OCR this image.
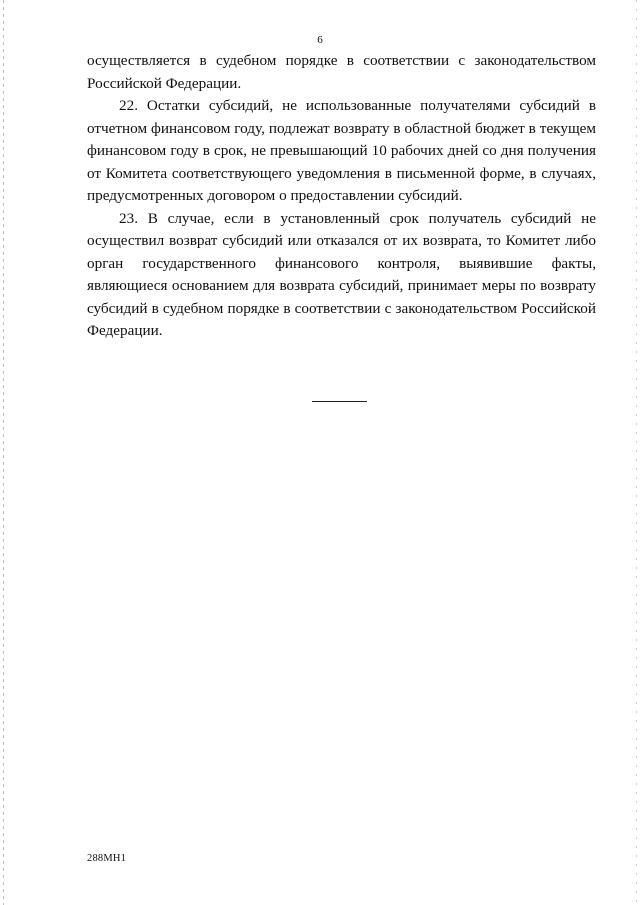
6

осуществляется в судебном порядке в соответствии с законодательством Российской Федерации.

22. Остатки субсидий, не использованные получателями субсидий в отчетном финансовом году, подлежат возврату в областной бюджет в текущем финансовом году в срок, не превышающий 10 рабочих дней со дня получения от Комитета соответствующего уведомления в письменной форме, в случаях, предусмотренных договором о предоставлении субсидий.

23. В случае, если в установленный срок получатель субсидий не осуществил возврат субсидий или отказался от их возврата, то Комитет либо орган государственного финансового контроля, выявившие факты, являющиеся основанием для возврата субсидий, принимает меры по возврату субсидий в судебном порядке в соответствии с законодательством Российской Федерации.

288МН1
